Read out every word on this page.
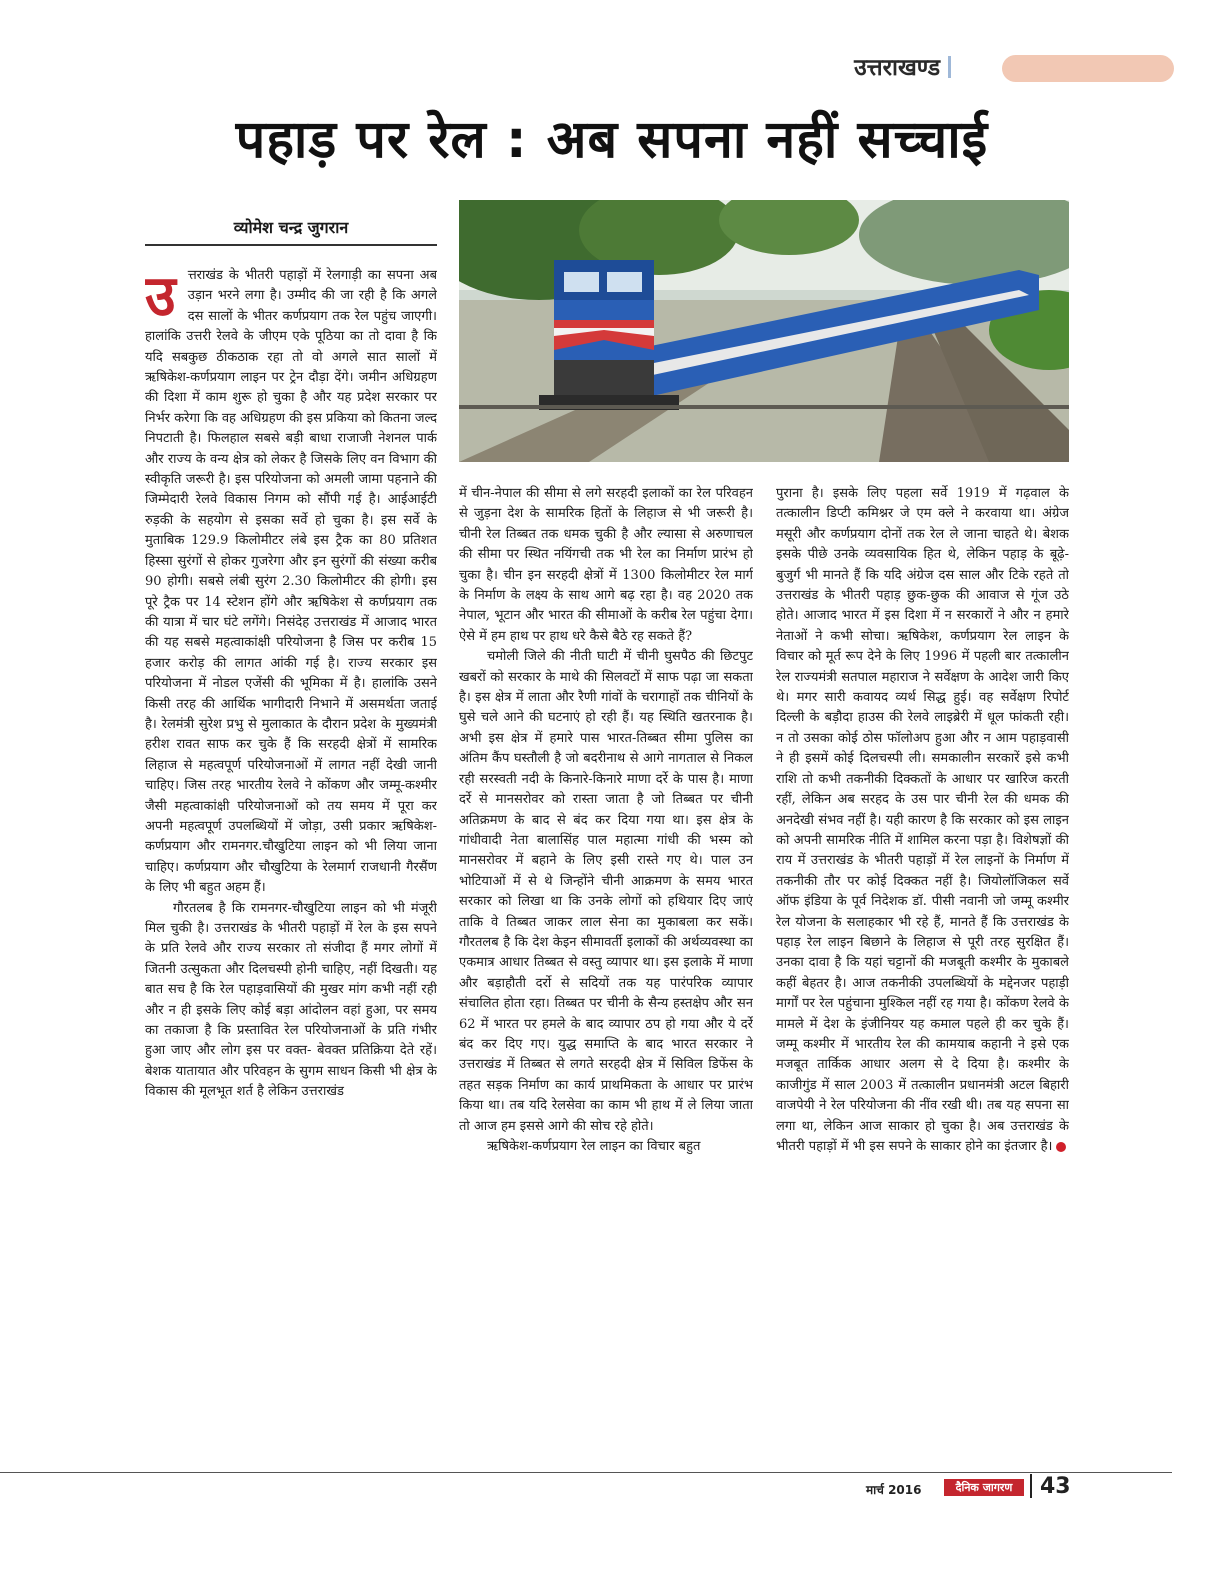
उत्तराखण्ड
पहाड़ पर रेल : अब सपना नहीं सच्चाई
व्योमेश चन्द्र जुगरान
उ त्तराखंड के भीतरी पहाड़ों में रेलगाड़ी का सपना अब उड़ान भरने लगा है। उम्मीद की जा रही है कि अगले दस सालों के भीतर कर्णप्रयाग तक रेल पहुंच जाएगी। हालांकि उत्तरी रेलवे के जीएम एके पूठिया का तो दावा है कि यदि सबकुछ ठीकठाक रहा तो वो अगले सात सालों में ऋषिकेश-कर्णप्रयाग लाइन पर ट्रेन दौड़ा देंगे। जमीन अधिग्रहण की दिशा में काम शुरू हो चुका है और यह प्रदेश सरकार पर निर्भर करेगा कि वह अधिग्रहण की इस प्रकिया को कितना जल्द निपटाती है। फिलहाल सबसे बड़ी बाधा राजाजी नेशनल पार्क और राज्य के वन्य क्षेत्र को लेकर है जिसके लिए वन विभाग की स्वीकृति जरूरी है। इस परियोजना को अमली जामा पहनाने की जिम्मेदारी रेलवे विकास निगम को सौंपी गई है। आईआईटी रुड़की के सहयोग से इसका सर्वे हो चुका है। इस सर्वे के मुताबिक 129.9 किलोमीटर लंबे इस ट्रैक का 80 प्रतिशत हिस्सा सुरंगों से होकर गुजरेगा और इन सुरंगों की संख्या करीब 90 होगी। सबसे लंबी सुरंग 2.30 किलोमीटर की होगी। इस पूरे ट्रैक पर 14 स्टेशन होंगे और ऋषिकेश से कर्णप्रयाग तक की यात्रा में चार घंटे लगेंगे। निसंदेह उत्तराखंड में आजाद भारत की यह सबसे महत्वाकांक्षी परियोजना है जिस पर करीब 15 हजार करोड़ की लागत आंकी गई है। राज्य सरकार इस परियोजना में नोडल एजेंसी की भूमिका में है। हालांकि उसने किसी तरह की आर्थिक भागीदारी निभाने में असमर्थता जताई है। रेलमंत्री सुरेश प्रभु से मुलाकात के दौरान प्रदेश के मुख्यमंत्री हरीश रावत साफ कर चुके हैं कि सरहदी क्षेत्रों में सामरिक लिहाज से महत्वपूर्ण परियोजनाओं में लागत नहीं देखी जानी चाहिए। जिस तरह भारतीय रेलवे ने कोंकण और जम्मू-कश्मीर जैसी महत्वाकांक्षी परियोजनाओं को तय समय में पूरा कर अपनी महत्वपूर्ण उपलब्धियों में जोड़ा, उसी प्रकार ऋषिकेश-कर्णप्रयाग और रामनगर.चौखुटिया लाइन को भी लिया जाना चाहिए। कर्णप्रयाग और चौखुटिया के रेलमार्ग राजधानी गैरसैंण के लिए भी बहुत अहम हैं।

गौरतलब है कि रामनगर-चौखुटिया लाइन को भी मंजूरी मिल चुकी है। उत्तराखंड के भीतरी पहाड़ों में रेल के इस सपने के प्रति रेलवे और राज्य सरकार तो संजीदा हैं मगर लोगों में जितनी उत्सुकता और दिलचस्पी होनी चाहिए, नहीं दिखती। यह बात सच है कि रेल पहाड़वासियों की मुखर मांग कभी नहीं रही और न ही इसके लिए कोई बड़ा आंदोलन वहां हुआ, पर समय का तकाजा है कि प्रस्तावित रेल परियोजनाओं के प्रति गंभीर हुआ जाए और लोग इस पर वक्त- बेवक्त प्रतिक्रिया देते रहें। बेशक यातायात और परिवहन के सुगम साधन किसी भी क्षेत्र के विकास की मूलभूत शर्त है लेकिन उत्तराखंड

में चीन-नेपाल की सीमा से लगे सरहदी इलाकों का रेल परिवहन से जुड़ना देश के सामरिक हितों के लिहाज से भी जरूरी है। चीनी रेल तिब्बत तक धमक चुकी है और ल्यासा से अरुणाचल की सीमा पर स्थित नयिंगची तक भी रेल का निर्माण प्रारंभ हो चुका है। चीन इन सरहदी क्षेत्रों में 1300 किलोमीटर रेल मार्ग के निर्माण के लक्ष्य के साथ आगे बढ़ रहा है। वह 2020 तक नेपाल, भूटान और भारत की सीमाओं के करीब रेल पहुंचा देगा। ऐसे में हम हाथ पर हाथ धरे कैसे बैठे रह सकते हैं?

चमोली जिले की नीती घाटी में चीनी घुसपैठ की छिटपुट खबरों को सरकार के माथे की सिलवटों में साफ पढ़ा जा सकता है। इस क्षेत्र में लाता और रैणी गांवों के चरागाहों तक चीनियों के घुसे चले आने की घटनाएं हो रही हैं। यह स्थिति खतरनाक है। अभी इस क्षेत्र में हमारे पास भारत-तिब्बत सीमा पुलिस का अंतिम कैंप घस्तौली है जो बदरीनाथ से आगे नागताल से निकल रही सरस्वती नदी के किनारे-किनारे माणा दर्रे के पास है। माणा दर्रे से मानसरोवर को रास्ता जाता है जो तिब्बत पर चीनी अतिक्रमण के बाद से बंद कर दिया गया था। इस क्षेत्र के गांधीवादी नेता बालासिंह पाल महात्मा गांधी की भस्म को मानसरोवर में बहाने के लिए इसी रास्ते गए थे। पाल उन भोटियाओं में से थे जिन्होंने चीनी आक्रमण के समय भारत सरकार को लिखा था कि उनके लोगों को हथियार दिए जाएं ताकि वे तिब्बत जाकर लाल सेना का मुकाबला कर सकें। गौरतलब है कि देश केइन सीमावर्ती इलाकों की अर्थव्यवस्था का एकमात्र आधार तिब्बत से वस्तु व्यापार था। इस इलाके में माणा और बड़ाहौती दर्रो से सदियों तक यह पारंपरिक व्यापार संचालित होता रहा। तिब्बत पर चीनी के सैन्य हस्तक्षेप और सन 62 में भारत पर हमले के बाद व्यापार ठप हो गया और ये दर्रे बंद कर दिए गए। युद्ध समाप्ति के बाद भारत सरकार ने उत्तराखंड में तिब्बत से लगते सरहदी क्षेत्र में सिविल डिफेंस के तहत सड़क निर्माण का कार्य प्राथमिकता के आधार पर प्रारंभ किया था। तब यदि रेलसेवा का काम भी हाथ में ले लिया जाता तो आज हम इससे आगे की सोच रहे होते।

ऋषिकेश-कर्णप्रयाग रेल लाइन का विचार बहुत

पुराना है। इसके लिए पहला सर्वे 1919 में गढ़वाल के तत्कालीन डिप्टी कमिश्नर जे एम क्ले ने करवाया था। अंग्रेज मसूरी और कर्णप्रयाग दोनों तक रेल ले जाना चाहते थे। बेशक इसके पीछे उनके व्यवसायिक हित थे, लेकिन पहाड़ के बूढ़े-बुजुर्ग भी मानते हैं कि यदि अंग्रेज दस साल और टिके रहते तो उत्तराखंड के भीतरी पहाड़ छुक-छुक की आवाज से गूंज उठे होते। आजाद भारत में इस दिशा में न सरकारों ने और न हमारे नेताओं ने कभी सोचा। ऋषिकेश, कर्णप्रयाग रेल लाइन के विचार को मूर्त रूप देने के लिए 1996 में पहली बार तत्कालीन रेल राज्यमंत्री सतपाल महाराज ने सर्वेक्षण के आदेश जारी किए थे। मगर सारी कवायद व्यर्थ सिद्ध हुई। वह सर्वेक्षण रिपोर्ट दिल्ली के बड़ौदा हाउस की रेलवे लाइब्रेरी में धूल फांकती रही। न तो उसका कोई ठोस फॉलोअप हुआ और न आम पहाड़वासी ने ही इसमें कोई दिलचस्पी ली। समकालीन सरकारें इसे कभी राशि तो कभी तकनीकी दिक्कतों के आधार पर खारिज करती रहीं, लेकिन अब सरहद के उस पार चीनी रेल की धमक की अनदेखी संभव नहीं है। यही कारण है कि सरकार को इस लाइन को अपनी सामरिक नीति में शामिल करना पड़ा है। विशेषज्ञों की राय में उत्तराखंड के भीतरी पहाड़ों में रेल लाइनों के निर्माण में तकनीकी तौर पर कोई दिक्कत नहीं है। जियोलॉजिकल सर्वे ऑफ इंडिया के पूर्व निदेशक डॉ. पीसी नवानी जो जम्मू कश्मीर रेल योजना के सलाहकार भी रहे हैं, मानते हैं कि उत्तराखंड के पहाड़ रेल लाइन बिछाने के लिहाज से पूरी तरह सुरक्षित हैं। उनका दावा है कि यहां चट्टानों की मजबूती कश्मीर के मुकाबले कहीं बेहतर है। आज तकनीकी उपलब्धियों के मद्देनजर पहाड़ी मार्गों पर रेल पहुंचाना मुश्किल नहीं रह गया है। कोंकण रेलवे के मामले में देश के इंजीनियर यह कमाल पहले ही कर चुके हैं। जम्मू कश्मीर में भारतीय रेल की कामयाब कहानी ने इसे एक मजबूत तार्किक आधार अलग से दे दिया है। कश्मीर के काजीगुंड में साल 2003 में तत्कालीन प्रधानमंत्री अटल बिहारी वाजपेयी ने रेल परियोजना की नींव रखी थी। तब यह सपना सा लगा था, लेकिन आज साकार हो चुका है। अब उत्तराखंड के भीतरी पहाड़ों में भी इस सपने के साकार होने का इंतजार है।

मार्च 2016	दैनिक जागरण	43
